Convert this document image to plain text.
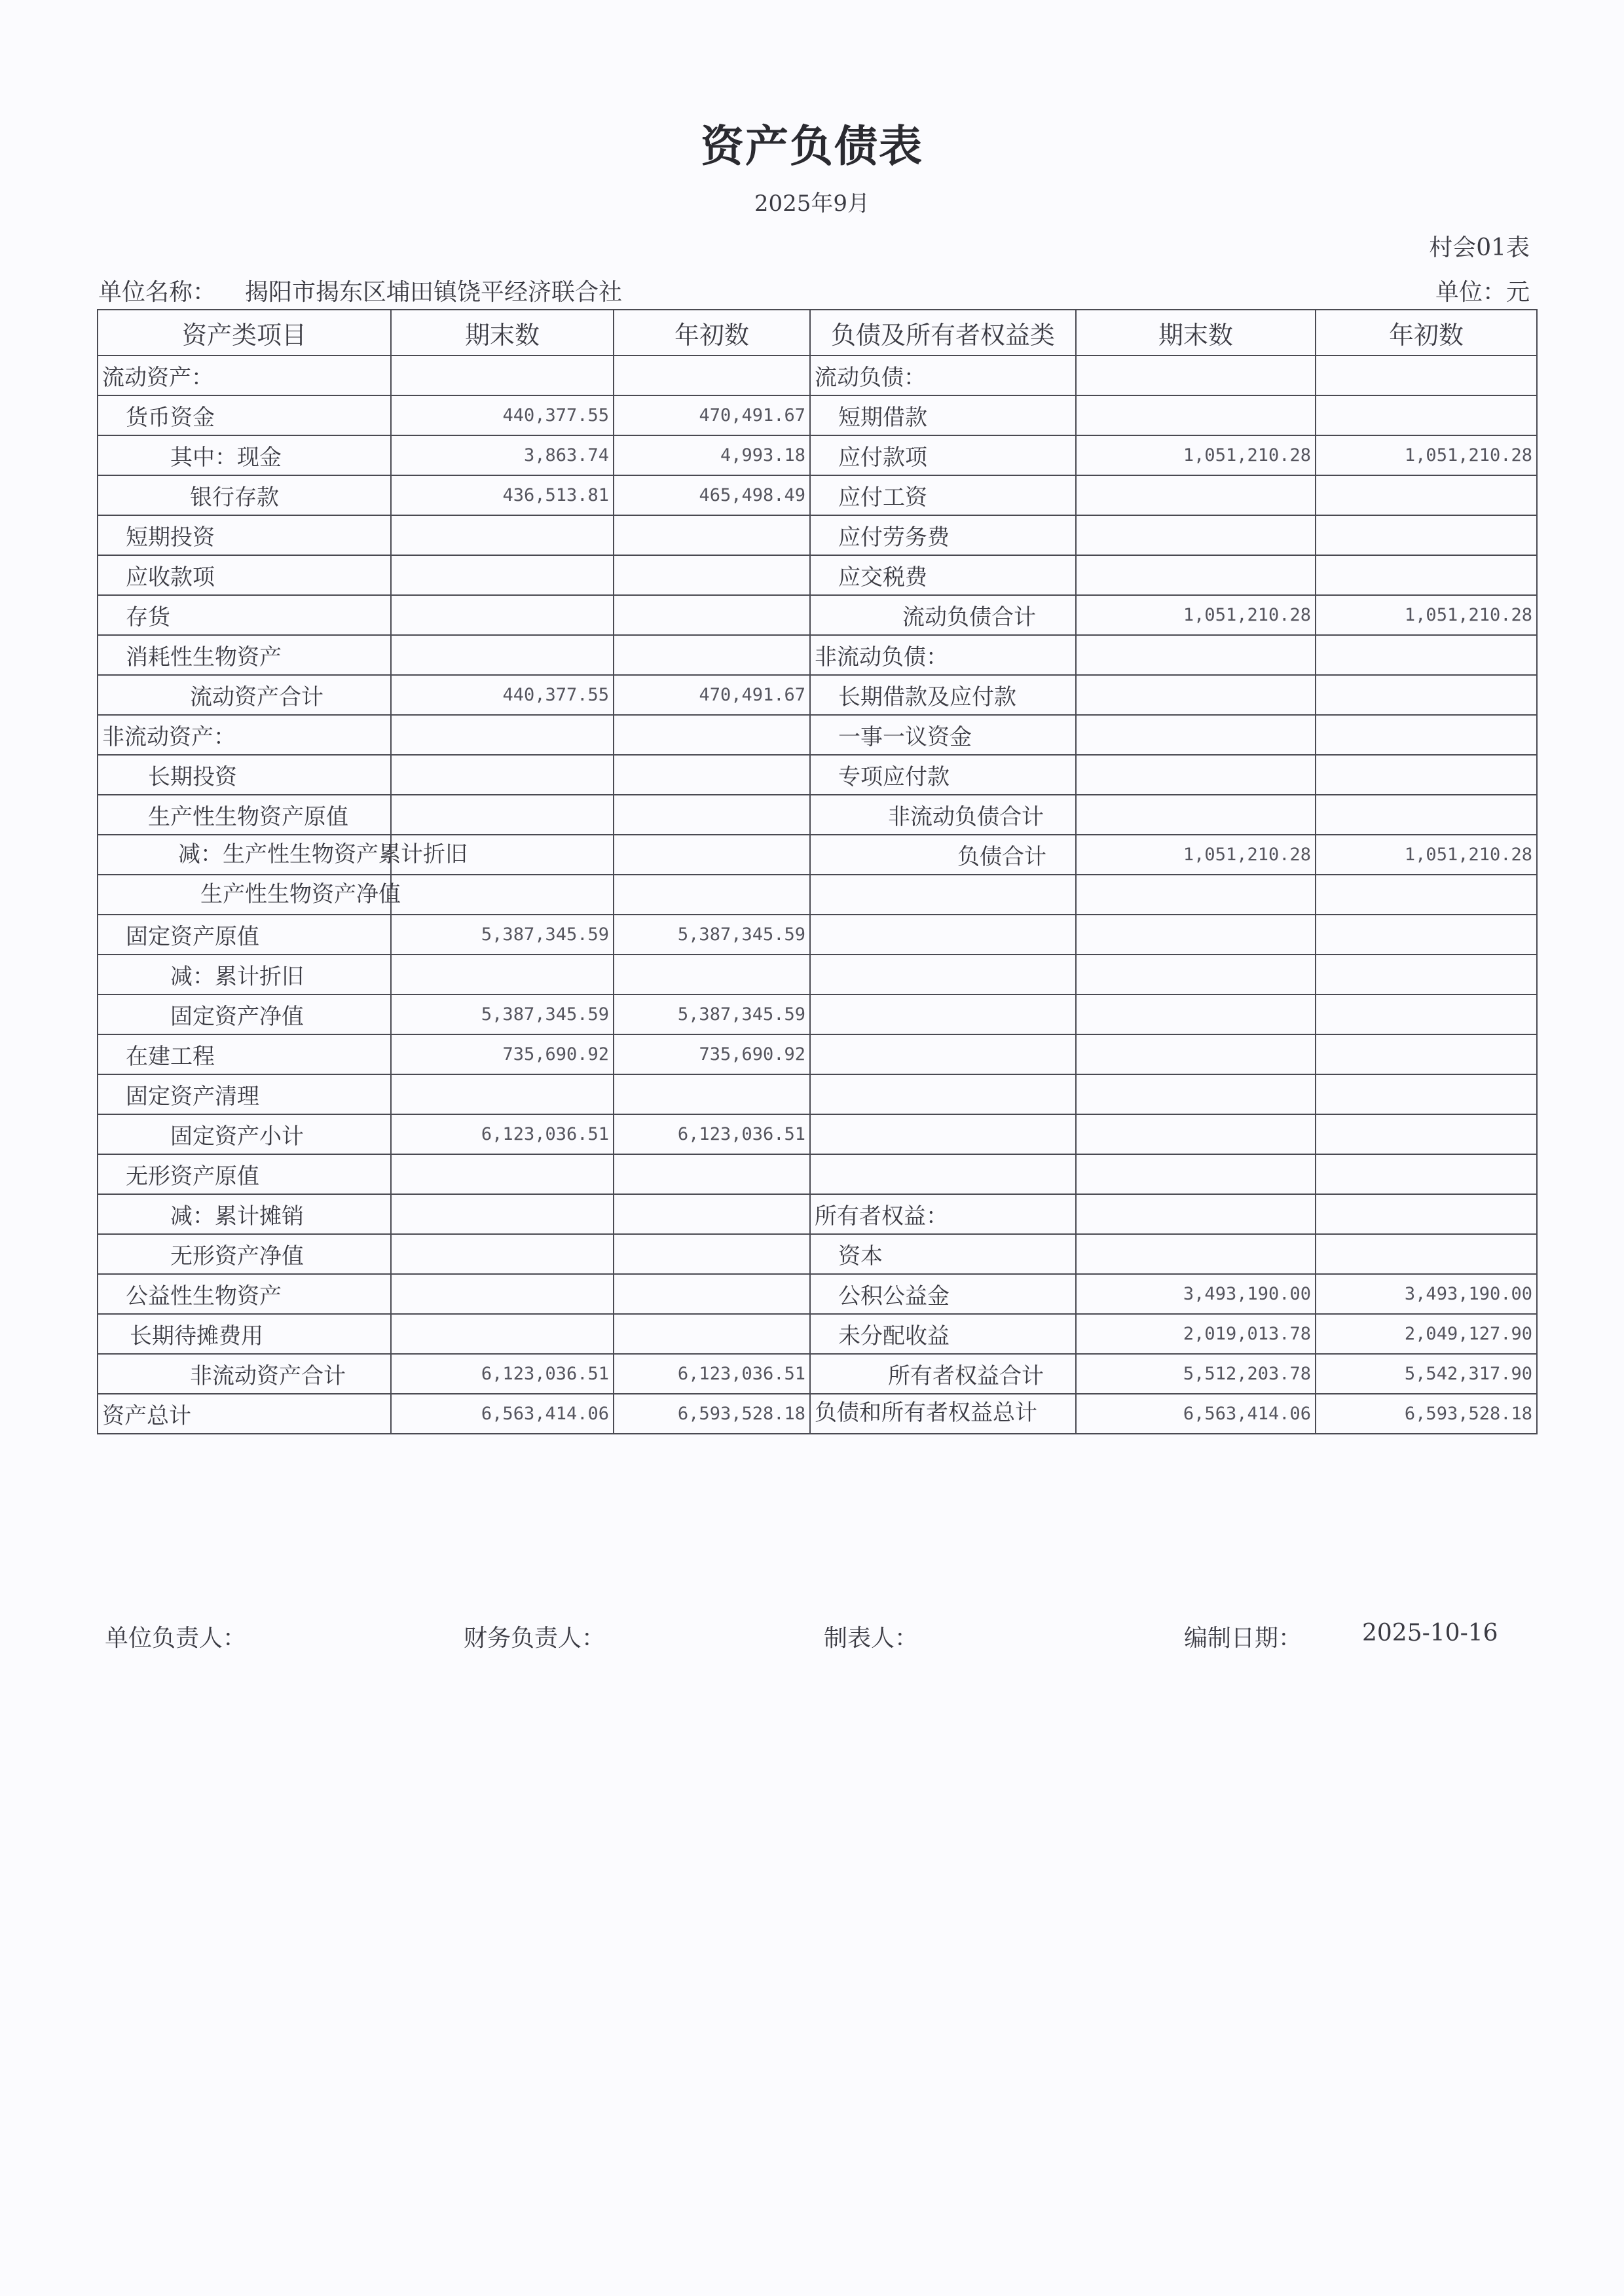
资产负债表
2025年9月
村会01表
单位名称： 揭阳市揭东区埔田镇饶平经济联合社	单位：元
资产类项目	期末数	年初数	负债及所有者权益类	期末数	年初数
流动资产：			流动负债：		
货币资金	440,377.55	470,491.67	短期借款		
其中：现金	3,863.74	4,993.18	应付款项	1,051,210.28	1,051,210.28
银行存款	436,513.81	465,498.49	应付工资		
短期投资			应付劳务费		
应收款项			应交税费		
存货			流动负债合计	1,051,210.28	1,051,210.28
消耗性生物资产			非流动负债：		
流动资产合计	440,377.55	470,491.67	长期借款及应付款		
非流动资产：			一事一议资金		
长期投资			专项应付款		
生产性生物资产原值			非流动负债合计		
减：生产性生物资产累计折旧			负债合计	1,051,210.28	1,051,210.28
生产性生物资产净值					
固定资产原值	5,387,345.59	5,387,345.59			
减：累计折旧					
固定资产净值	5,387,345.59	5,387,345.59			
在建工程	735,690.92	735,690.92			
固定资产清理					
固定资产小计	6,123,036.51	6,123,036.51			
无形资产原值					
减：累计摊销			所有者权益：		
无形资产净值			资本		
公益性生物资产			公积公益金	3,493,190.00	3,493,190.00
长期待摊费用			未分配收益	2,019,013.78	2,049,127.90
非流动资产合计	6,123,036.51	6,123,036.51	所有者权益合计	5,512,203.78	5,542,317.90
资产总计	6,563,414.06	6,593,528.18	负债和所有者权益总计	6,563,414.06	6,593,528.18
单位负责人：	财务负责人：	制表人：	编制日期：	2025-10-16
